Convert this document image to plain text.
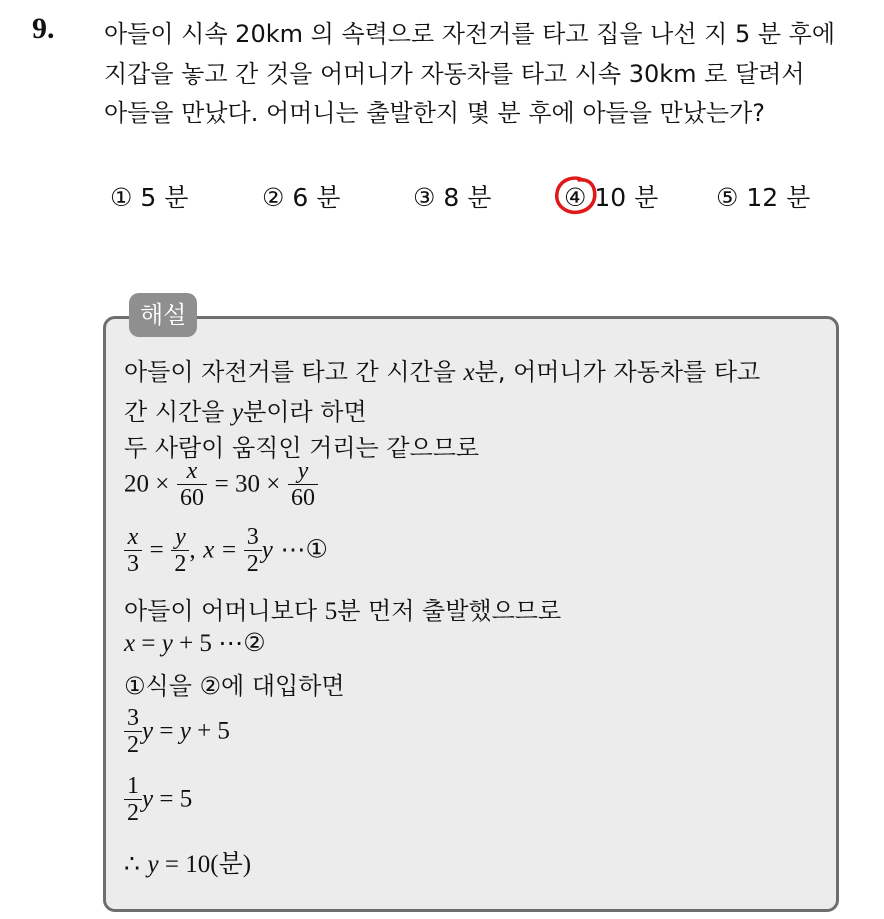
9. 아들이 시속 20km 의 속력으로 자전거를 타고 집을 나선 지 5 분 후에
지갑을 놓고 간 것을 어머니가 자동차를 타고 시속 30km 로 달려서
아들을 만났다. 어머니는 출발한지 몇 분 후에 아들을 만났는가?
① 5 분	② 6 분	③ 8 분	④ 10 분 ⑤ 12 분
해설
아들이 자전거를 타고 간 시간을 x분, 어머니가 자동차를 타고
간 시간을 y분이라 하면
두 사람이 움직인 거리는 같으므로
$20 \times \frac{x}{60} = 30 \times \frac{y}{60}$
$\frac{x}{3} = \frac{y}{2}$ , $x = \frac{3}{2}$ y ⋯①
아들이 어머니보다 5분 먼저 출발했으므로
x = y + 5 ⋯②
①식을 ②에 대입하면
$\frac{3}{2}$ y = y + 5
$\frac{1}{2}$ y = 5
∴ y = 10(분)
